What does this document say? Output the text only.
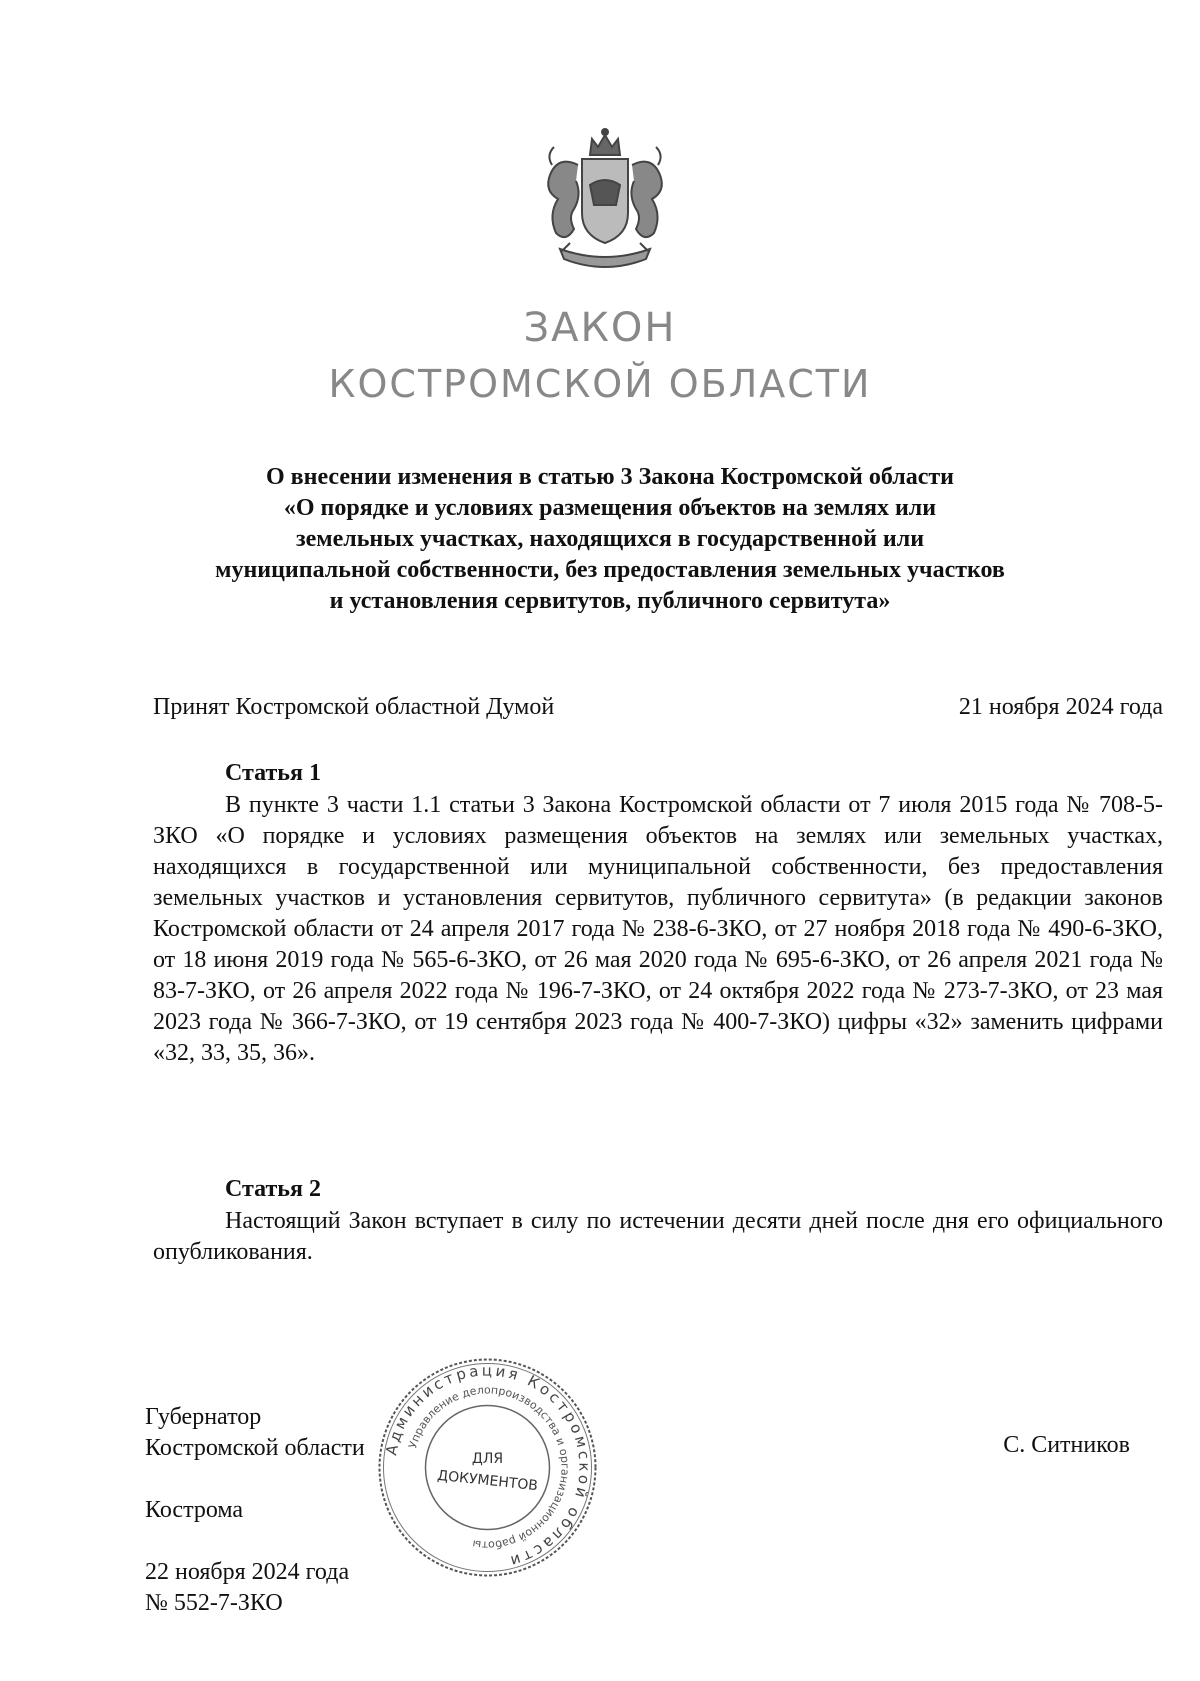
ЗАКОН
КОСТРОМСКОЙ ОБЛАСТИ
О внесении изменения в статью 3 Закона Костромской области
«О порядке и условиях размещения объектов на землях или
земельных участках, находящихся в государственной или
муниципальной собственности, без предоставления земельных участков
и установления сервитутов, публичного сервитута»
Принят Костромской областной Думой	21 ноября 2024 года
Статья 1
В пункте 3 части 1.1 статьи 3 Закона Костромской области от 7 июля 2015 года № 708-5-ЗКО «О порядке и условиях размещения объектов на землях или земельных участках, находящихся в государственной или муниципальной собственности, без предоставления земельных участков и установления сервитутов, публичного сервитута» (в редакции законов Костромской области от 24 апреля 2017 года № 238-6-ЗКО, от 27 ноября 2018 года № 490-6-ЗКО, от 18 июня 2019 года № 565-6-ЗКО, от 26 мая 2020 года № 695-6-ЗКО, от 26 апреля 2021 года № 83-7-ЗКО, от 26 апреля 2022 года № 196-7-ЗКО, от 24 октября 2022 года № 273-7-ЗКО, от 23 мая 2023 года № 366-7-ЗКО, от 19 сентября 2023 года № 400-7-ЗКО) цифры «32» заменить цифрами «32, 33, 35, 36».
Статья 2
Настоящий Закон вступает в силу по истечении десяти дней после дня его официального опубликования.
Губернатор
Костромской области	С. Ситников
Кострома
22 ноября 2024 года
№ 552-7-ЗКО
Администрация Костромской области
Управление делопроизводства и организационной работы
ДЛЯ
ДОКУМЕНТОВ
